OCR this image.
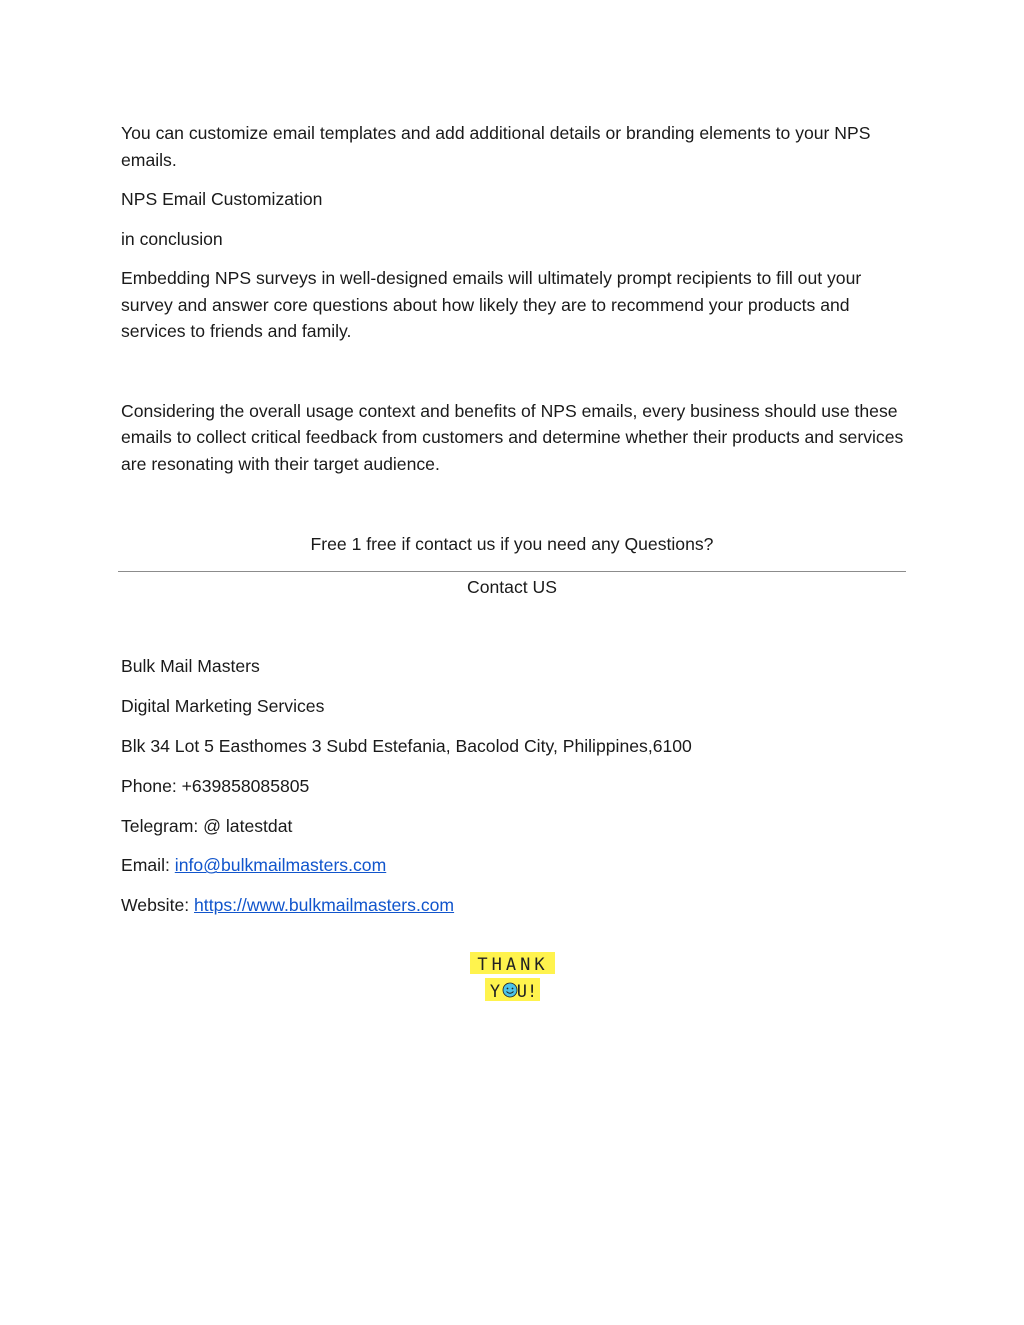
You can customize email templates and add additional details or branding elements to your NPS emails.

NPS Email Customization

in conclusion

Embedding NPS surveys in well-designed emails will ultimately prompt recipients to fill out your survey and answer core questions about how likely they are to recommend your products and services to friends and family.

Considering the overall usage context and benefits of NPS emails, every business should use these emails to collect critical feedback from customers and determine whether their products and services are resonating with their target audience.

Free 1 free if contact us if you need any Questions?
Contact US

Bulk Mail Masters

Digital Marketing Services

Blk 34 Lot 5 Easthomes 3 Subd Estefania, Bacolod City, Philippines,6100

Phone: +639858085805

Telegram: @ latestdat

Email: info@bulkmailmasters.com

Website: https://www.bulkmailmasters.com

THANK
Y U!
